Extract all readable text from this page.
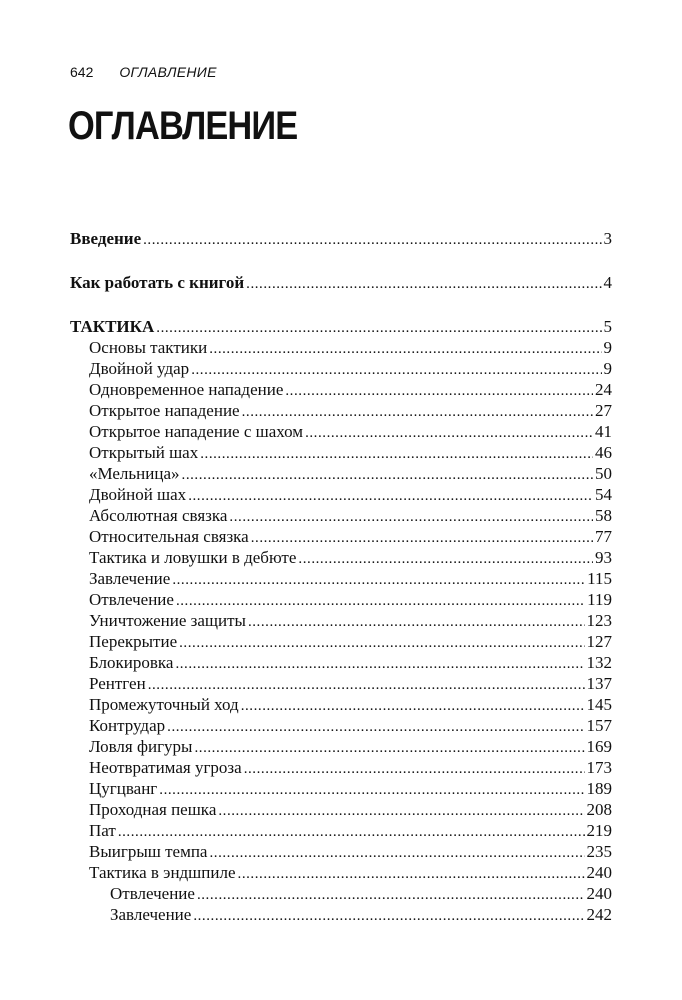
642 ОГЛАВЛЕНИЕ
ОГЛАВЛЕНИЕ
Введение . . .	3
Как работать с книгой . . .	4
ТАКТИКА . . .	5
Основы тактики . . .	9
Двойной удар . . .	9
Одновременное нападение . . .	24
Открытое нападение . . .	27
Открытое нападение с шахом . . .	41
Открытый шах . . .	46
«Мельница» . . .	50
Двойной шах . . .	54
Абсолютная связка . . .	58
Относительная связка . . .	77
Тактика и ловушки в дебюте . . .	93
Завлечение . . .	115
Отвлечение . . .	119
Уничтожение защиты . . .	123
Перекрытие . . .	127
Блокировка . . .	132
Рентген . . .	137
Промежуточный ход . . .	145
Контрудар . . .	157
Ловля фигуры . . .	169
Неотвратимая угроза . . .	173
Цугцванг . . .	189
Проходная пешка . . .	208
Пат . . .	219
Выигрыш темпа . . .	235
Тактика в эндшпиле . . .	240
Отвлечение . . .	240
Завлечение . . .	242
